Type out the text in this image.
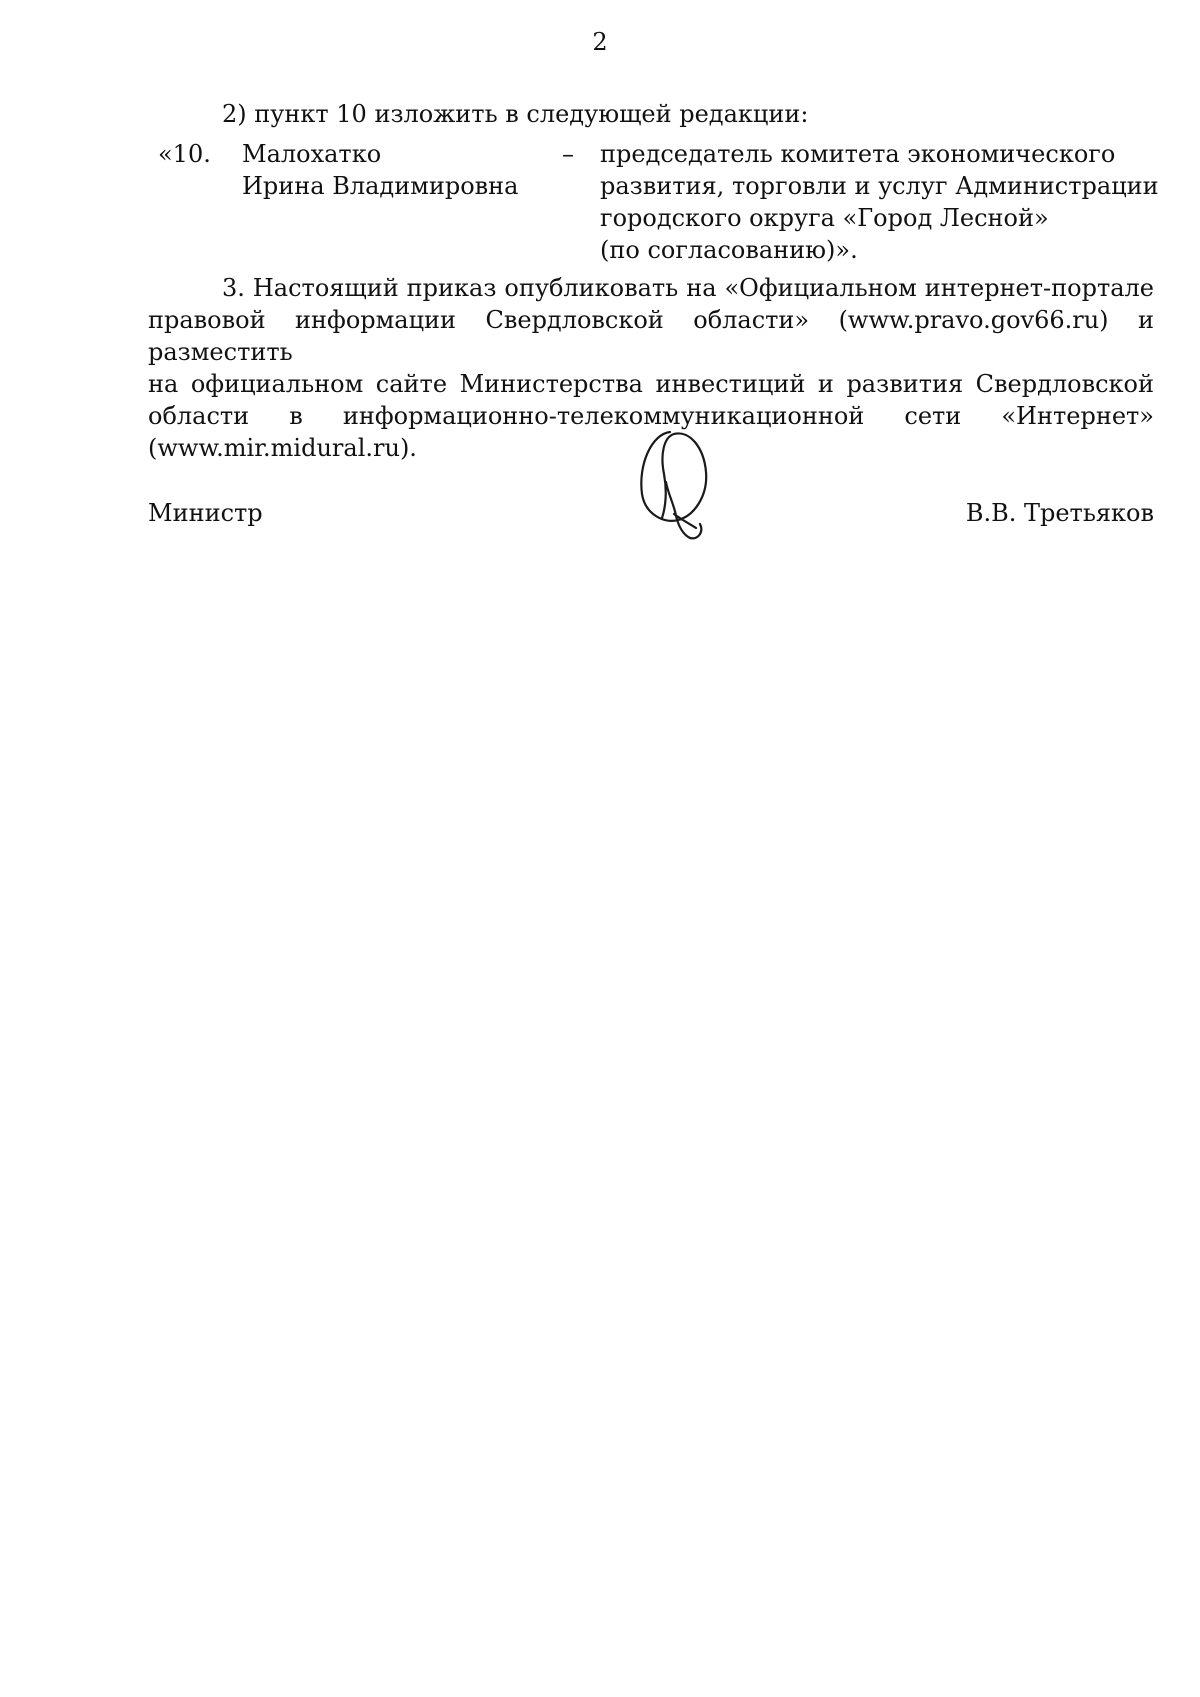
2
2) пункт 10 изложить в следующей редакции:
«10. Малохатко
Ирина Владимировна
– председатель комитета экономического
развития, торговли и услуг Администрации
городского округа «Город Лесной»
(по согласованию)».
3. Настоящий приказ опубликовать на «Официальном интернет-портале
правовой информации Свердловской области» (www.pravo.gov66.ru) и разместить
на официальном сайте Министерства инвестиций и развития Свердловской
области в информационно-телекоммуникационной сети «Интернет»
(www.mir.midural.ru).
Министр	В.В. Третьяков
